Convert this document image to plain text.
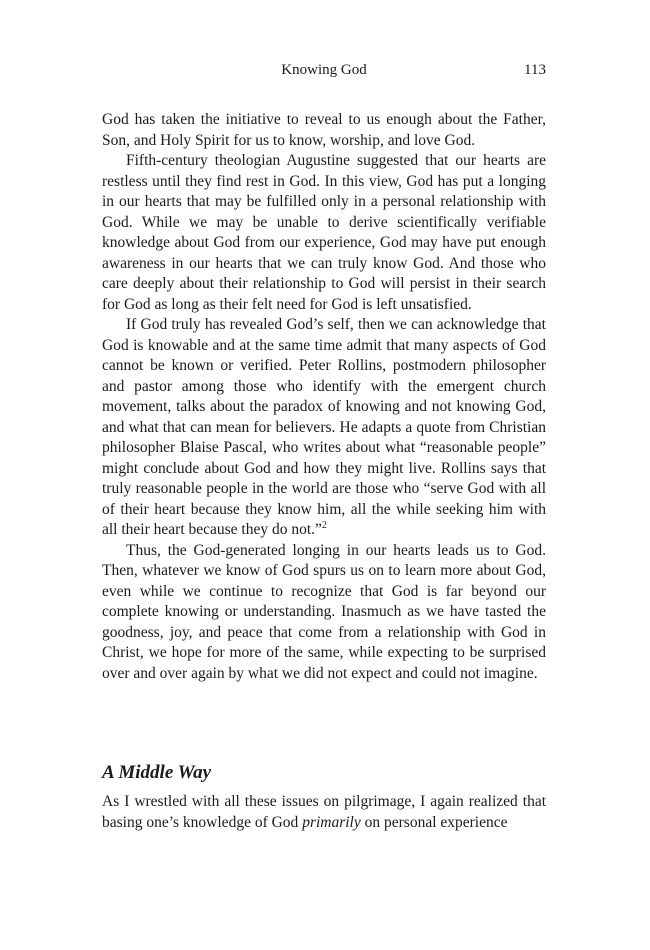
Knowing God	113

God has taken the initiative to reveal to us enough about the Father, Son, and Holy Spirit for us to know, worship, and love God.

Fifth-century theologian Augustine suggested that our hearts are restless until they find rest in God. In this view, God has put a longing in our hearts that may be fulfilled only in a personal relationship with God. While we may be unable to derive scientifically verifiable knowledge about God from our experience, God may have put enough awareness in our hearts that we can truly know God. And those who care deeply about their relationship to God will persist in their search for God as long as their felt need for God is left unsatisfied.

If God truly has revealed God’s self, then we can acknowledge that God is knowable and at the same time admit that many aspects of God cannot be known or verified. Peter Rollins, postmodern philosopher and pastor among those who identify with the emergent church movement, talks about the paradox of knowing and not knowing God, and what that can mean for believers. He adapts a quote from Christian philosopher Blaise Pascal, who writes about what “reasonable people” might conclude about God and how they might live. Rollins says that truly reasonable people in the world are those who “serve God with all of their heart because they know him, all the while seeking him with all their heart because they do not.”$^2$

Thus, the God-generated longing in our hearts leads us to God. Then, whatever we know of God spurs us on to learn more about God, even while we continue to recognize that God is far beyond our complete knowing or understanding. Inasmuch as we have tasted the goodness, joy, and peace that come from a relationship with God in Christ, we hope for more of the same, while expecting to be surprised over and over again by what we did not expect and could not imagine.

A Middle Way

As I wrestled with all these issues on pilgrimage, I again realized that basing one’s knowledge of God primarily on personal experience
